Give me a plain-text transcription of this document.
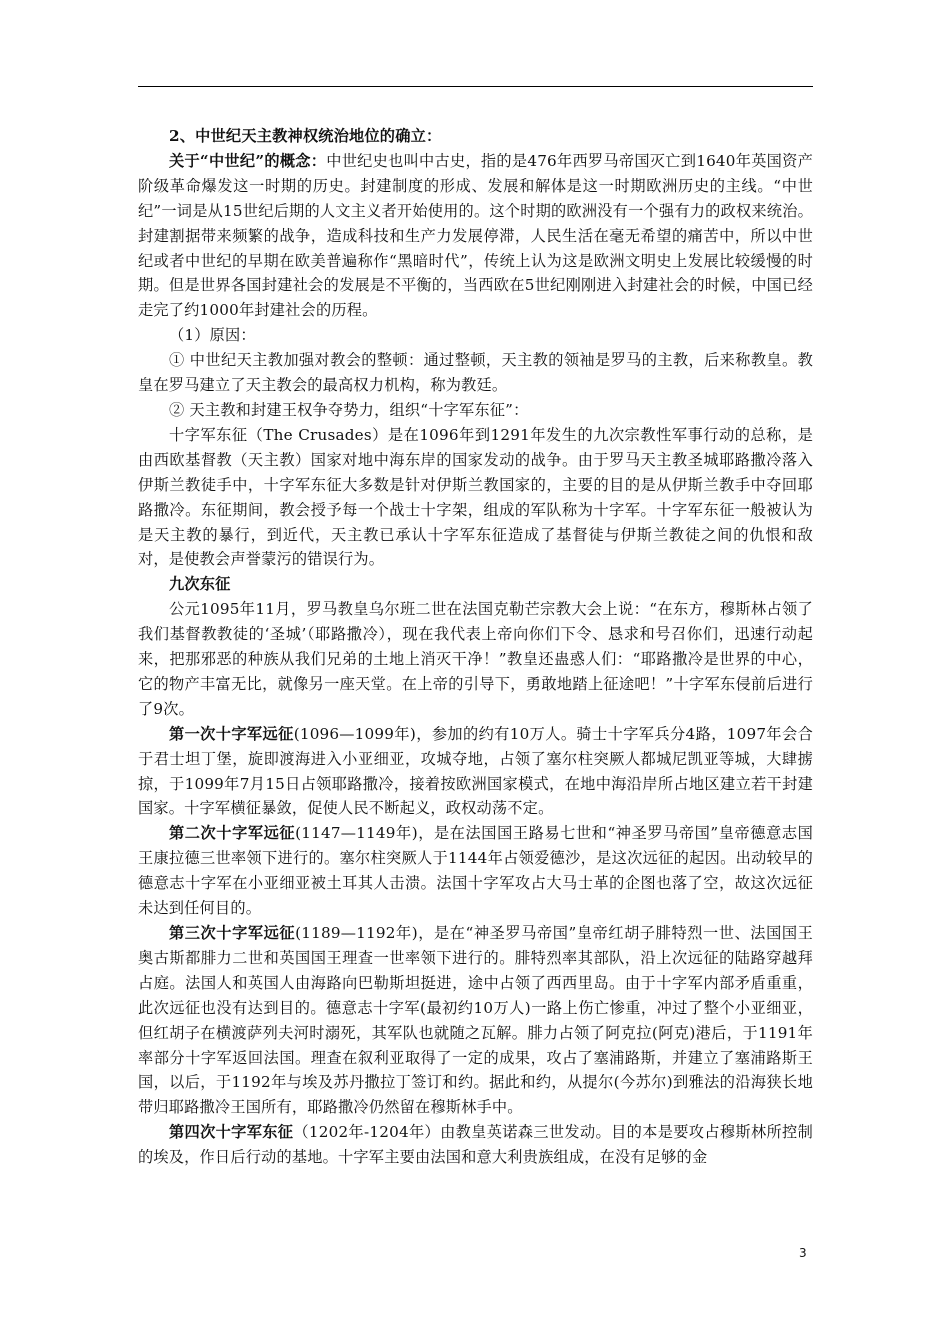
2、中世纪天主教神权统治地位的确立：

关于“中世纪”的概念：中世纪史也叫中古史，指的是476年西罗马帝国灭亡到1640年英国资产阶级革命爆发这一时期的历史。封建制度的形成、发展和解体是这一时期欧洲历史的主线。“中世纪”一词是从15世纪后期的人文主义者开始使用的。这个时期的欧洲没有一个强有力的政权来统治。封建割据带来频繁的战争，造成科技和生产力发展停滞，人民生活在毫无希望的痛苦中，所以中世纪或者中世纪的早期在欧美普遍称作“黑暗时代”，传统上认为这是欧洲文明史上发展比较缓慢的时期。但是世界各国封建社会的发展是不平衡的，当西欧在5世纪刚刚进入封建社会的时候，中国已经走完了约1000年封建社会的历程。

（1）原因：

① 中世纪天主教加强对教会的整顿：通过整顿，天主教的领袖是罗马的主教，后来称教皇。教皇在罗马建立了天主教会的最高权力机构，称为教廷。

② 天主教和封建王权争夺势力，组织“十字军东征”：

十字军东征（The Crusades）是在1096年到1291年发生的九次宗教性军事行动的总称，是由西欧基督教（天主教）国家对地中海东岸的国家发动的战争。由于罗马天主教圣城耶路撒冷落入伊斯兰教徒手中，十字军东征大多数是针对伊斯兰教国家的，主要的目的是从伊斯兰教手中夺回耶路撒冷。东征期间，教会授予每一个战士十字架，组成的军队称为十字军。十字军东征一般被认为是天主教的暴行，到近代，天主教已承认十字军东征造成了基督徒与伊斯兰教徒之间的仇恨和敌对，是使教会声誉蒙污的错误行为。

九次东征

公元1095年11月，罗马教皇乌尔班二世在法国克勒芒宗教大会上说：“在东方，穆斯林占领了我们基督教教徒的‘圣城’（耶路撒冷），现在我代表上帝向你们下令、恳求和号召你们，迅速行动起来，把那邪恶的种族从我们兄弟的土地上消灭干净！”教皇还蛊惑人们：“耶路撒冷是世界的中心，它的物产丰富无比，就像另一座天堂。在上帝的引导下，勇敢地踏上征途吧！”十字军东侵前后进行了9次。

第一次十字军远征(1096—1099年)，参加的约有10万人。骑士十字军兵分4路，1097年会合于君士坦丁堡，旋即渡海进入小亚细亚，攻城夺地，占领了塞尔柱突厥人都城尼凯亚等城，大肆掳掠，于1099年7月15日占领耶路撒冷，接着按欧洲国家模式，在地中海沿岸所占地区建立若干封建国家。十字军横征暴敛，促使人民不断起义，政权动荡不定。

第二次十字军远征(1147—1149年)，是在法国国王路易七世和“神圣罗马帝国”皇帝德意志国王康拉德三世率领下进行的。塞尔柱突厥人于1144年占领爱德沙，是这次远征的起因。出动较早的德意志十字军在小亚细亚被土耳其人击溃。法国十字军攻占大马士革的企图也落了空，故这次远征未达到任何目的。

第三次十字军远征(1189—1192年)，是在“神圣罗马帝国”皇帝红胡子腓特烈一世、法国国王奥古斯都腓力二世和英国国王理查一世率领下进行的。腓特烈率其部队，沿上次远征的陆路穿越拜占庭。法国人和英国人由海路向巴勒斯坦挺进，途中占领了西西里岛。由于十字军内部矛盾重重，此次远征也没有达到目的。德意志十字军(最初约10万人)一路上伤亡惨重，冲过了整个小亚细亚，但红胡子在横渡萨列夫河时溺死，其军队也就随之瓦解。腓力占领了阿克拉(阿克)港后，于1191年率部分十字军返回法国。理查在叙利亚取得了一定的成果，攻占了塞浦路斯，并建立了塞浦路斯王国，以后，于1192年与埃及苏丹撒拉丁签订和约。据此和约，从提尔(今苏尔)到雅法的沿海狭长地带归耶路撒冷王国所有，耶路撒冷仍然留在穆斯林手中。

第四次十字军东征（1202年-1204年）由教皇英诺森三世发动。目的本是要攻占穆斯林所控制的埃及，作日后行动的基地。十字军主要由法国和意大利贵族组成，在没有足够的金

3
